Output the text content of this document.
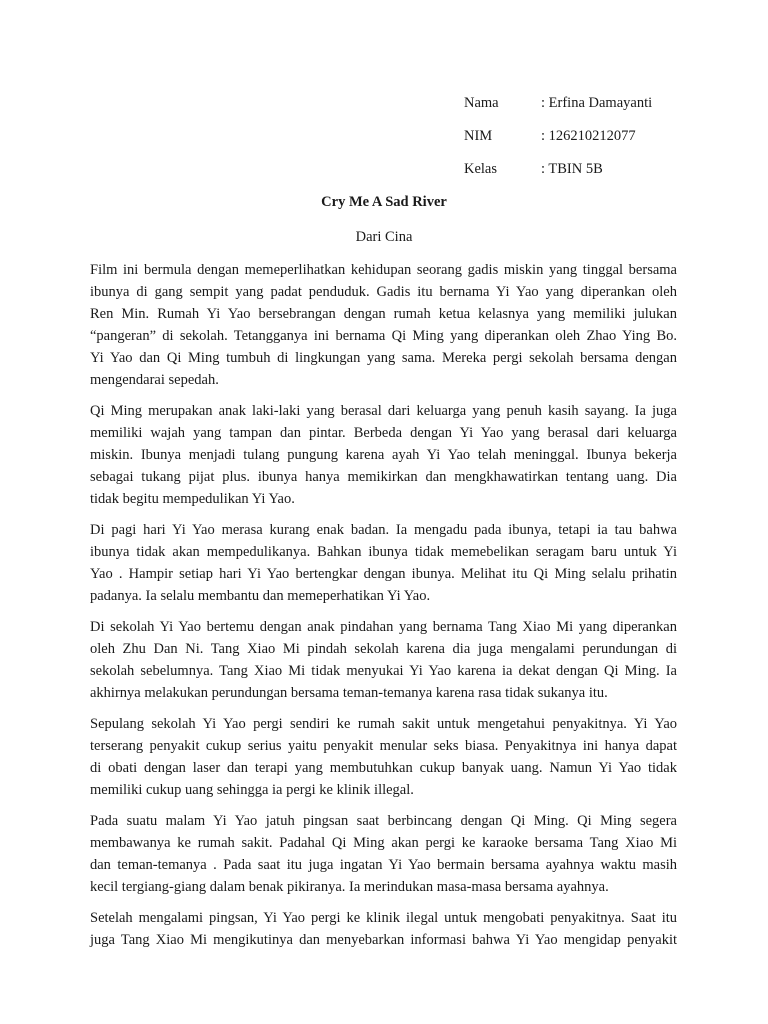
Nama	: Erfina Damayanti
NIM	: 126210212077
Kelas	: TBIN 5B
Cry Me A Sad River
Dari Cina
Film ini bermula dengan memeperlihatkan kehidupan seorang gadis miskin yang tinggal bersama
ibunya di gang sempit yang padat penduduk. Gadis itu bernama Yi Yao yang diperankan oleh
Ren Min. Rumah Yi Yao bersebrangan dengan rumah ketua kelasnya yang memiliki julukan
“pangeran” di sekolah. Tetangganya ini bernama Qi Ming yang diperankan oleh Zhao Ying Bo.
Yi Yao dan Qi Ming tumbuh di lingkungan yang sama. Mereka pergi sekolah bersama dengan
mengendarai sepedah.
Qi Ming merupakan anak laki-laki yang berasal dari keluarga yang penuh kasih sayang. Ia juga
memiliki wajah yang tampan dan pintar. Berbeda dengan Yi Yao yang berasal dari keluarga
miskin. Ibunya menjadi tulang pungung karena ayah Yi Yao telah meninggal. Ibunya bekerja
sebagai tukang pijat plus. ibunya hanya memikirkan dan mengkhawatirkan tentang uang. Dia
tidak begitu mempedulikan Yi Yao.
Di pagi hari Yi Yao merasa kurang enak badan. Ia mengadu pada ibunya, tetapi ia tau bahwa
ibunya tidak akan mempedulikanya. Bahkan ibunya tidak memebelikan seragam baru untuk Yi
Yao . Hampir setiap hari Yi Yao bertengkar dengan ibunya. Melihat itu Qi Ming selalu prihatin
padanya. Ia selalu membantu dan memeperhatikan Yi Yao.
Di sekolah Yi Yao bertemu dengan anak pindahan yang bernama Tang Xiao Mi yang diperankan
oleh Zhu Dan Ni. Tang Xiao Mi pindah sekolah karena dia juga mengalami perundungan di
sekolah sebelumnya. Tang Xiao Mi tidak menyukai Yi Yao karena ia dekat dengan Qi Ming. Ia
akhirnya melakukan perundungan bersama teman-temanya karena rasa tidak sukanya itu.
Sepulang sekolah Yi Yao pergi sendiri ke rumah sakit untuk mengetahui penyakitnya. Yi Yao
terserang penyakit cukup serius yaitu penyakit menular seks biasa. Penyakitnya ini hanya dapat
di obati dengan laser dan terapi yang membutuhkan cukup banyak uang. Namun Yi Yao tidak
memiliki cukup uang sehingga ia pergi ke klinik illegal.
Pada suatu malam Yi Yao jatuh pingsan saat berbincang dengan Qi Ming. Qi Ming segera
membawanya ke rumah sakit. Padahal Qi Ming akan pergi ke karaoke bersama Tang Xiao Mi
dan teman-temanya . Pada saat itu juga ingatan Yi Yao bermain bersama ayahnya waktu masih
kecil tergiang-giang dalam benak pikiranya. Ia merindukan masa-masa bersama ayahnya.
Setelah mengalami pingsan, Yi Yao pergi ke klinik ilegal untuk mengobati penyakitnya. Saat itu
juga Tang Xiao Mi mengikutinya dan menyebarkan informasi bahwa Yi Yao mengidap penyakit
